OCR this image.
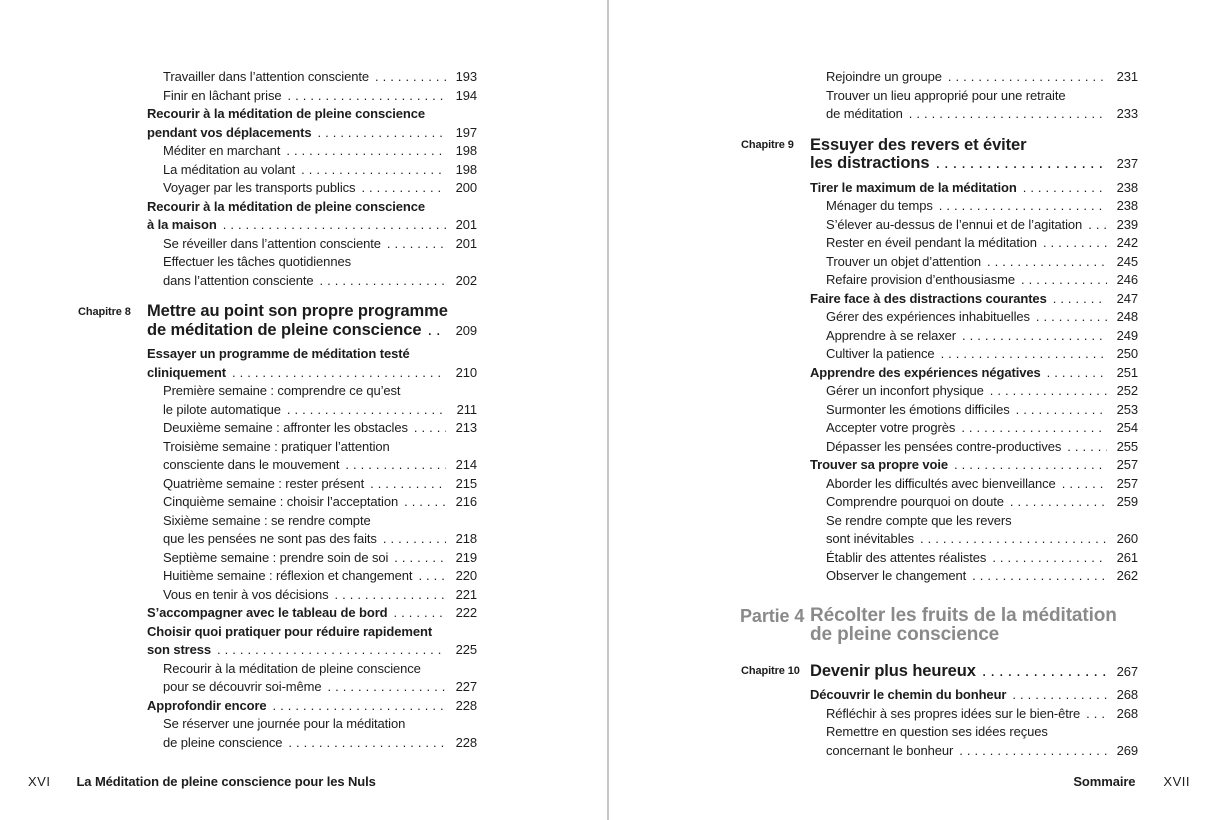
Travailler dans l’attention consciente .....	193
Finir en lâchant prise .....	194
Recourir à la méditation de pleine conscience
pendant vos déplacements .....	197
Méditer en marchant .....	198
La méditation au volant .....	198
Voyager par les transports publics .....	200
Recourir à la méditation de pleine conscience
à la maison .....	201
Se réveiller dans l’attention consciente .....	201
Effectuer les tâches quotidiennes
dans l’attention consciente .....	202
Chapitre 8 Mettre au point son propre programme
de méditation de pleine conscience .....	209
Essayer un programme de méditation testé
cliniquement .....	210
Première semaine : comprendre ce qu’est
le pilote automatique .....	211
Deuxième semaine : affronter les obstacles .....	213
Troisième semaine : pratiquer l’attention
consciente dans le mouvement .....	214
Quatrième semaine : rester présent .....	215
Cinquième semaine : choisir l’acceptation .....	216
Sixième semaine : se rendre compte
que les pensées ne sont pas des faits .....	218
Septième semaine : prendre soin de soi .....	219
Huitième semaine : réflexion et changement .....	220
Vous en tenir à vos décisions .....	221
S’accompagner avec le tableau de bord .....	222
Choisir quoi pratiquer pour réduire rapidement
son stress .....	225
Recourir à la méditation de pleine conscience
pour se découvrir soi-même .....	227
Approfondir encore .....	228
Se réserver une journée pour la méditation
de pleine conscience .....	228
XVI La Méditation de pleine conscience pour les Nuls
Rejoindre un groupe .....	231
Trouver un lieu approprié pour une retraite
de méditation .....	233
Chapitre 9 Essuyer des revers et éviter
les distractions .....	237
Tirer le maximum de la méditation .....	238
Ménager du temps .....	238
S’élever au-dessus de l’ennui et de l’agitation .....	239
Rester en éveil pendant la méditation .....	242
Trouver un objet d’attention .....	245
Refaire provision d’enthousiasme .....	246
Faire face à des distractions courantes .....	247
Gérer des expériences inhabituelles .....	248
Apprendre à se relaxer .....	249
Cultiver la patience .....	250
Apprendre des expériences négatives .....	251
Gérer un inconfort physique .....	252
Surmonter les émotions difficiles .....	253
Accepter votre progrès .....	254
Dépasser les pensées contre-productives .....	255
Trouver sa propre voie .....	257
Aborder les difficultés avec bienveillance .....	257
Comprendre pourquoi on doute .....	259
Se rendre compte que les revers
sont inévitables .....	260
Établir des attentes réalistes .....	261
Observer le changement .....	262
Partie 4 Récolter les fruits de la méditation
de pleine conscience
Chapitre 10 Devenir plus heureux .....	267
Découvrir le chemin du bonheur .....	268
Réfléchir à ses propres idées sur le bien-être .....	268
Remettre en question ses idées reçues
concernant le bonheur .....	269
Sommaire XVII
